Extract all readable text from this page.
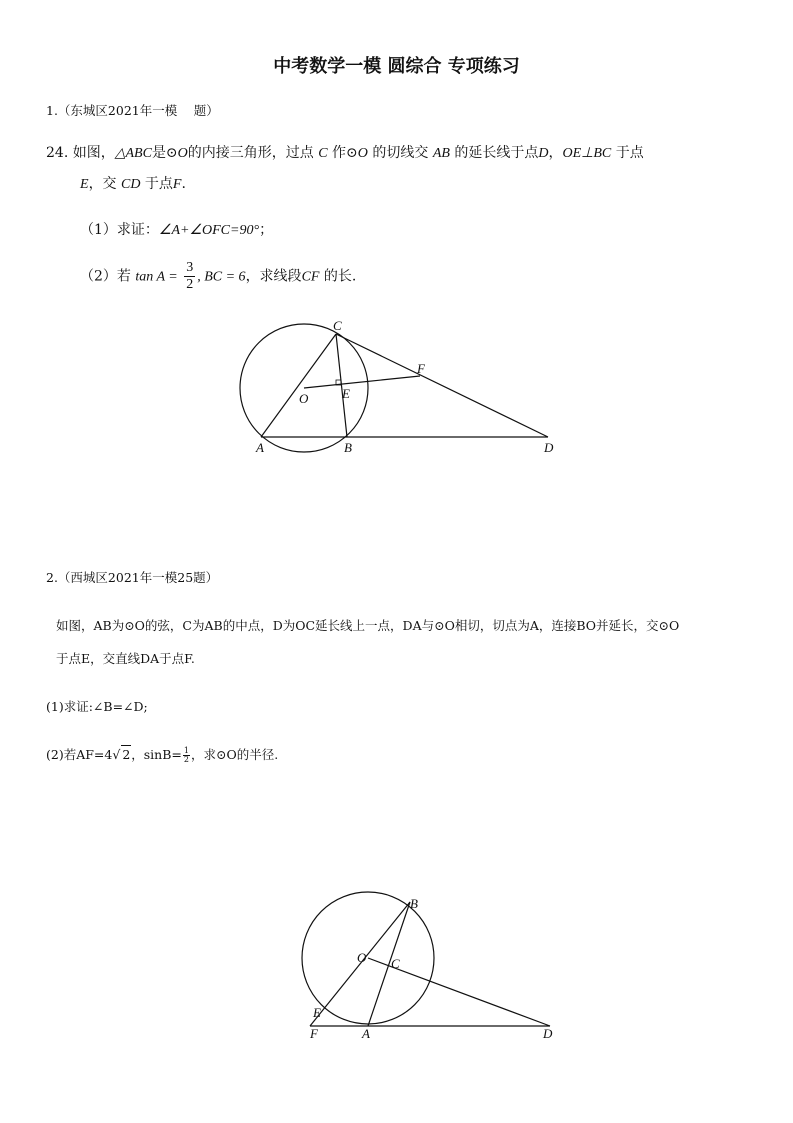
中考数学一模 圆综合 专项练习
1.（东城区2021年一模　 题）
24. 如图，△ABC是⊙O的内接三角形，过点 C 作⊙O 的切线交 AB 的延长线于点D，OE⊥BC 于点
E，交 CD 于点F.
（1）求证：∠A+∠OFC=90°；
（2）若 $\tan A = \frac{3}{2}$ , BC = 6，求线段CF 的长.
C
F
O	E
A	B	D
2.（西城区2021年一模25题）
如图，AB为⊙O的弦，C为AB的中点，D为OC延长线上一点，DA与⊙O相切，切点为A，连接BO并延长，交⊙O
于点E，交直线DA于点F.
(1)求证:∠B=∠D;
(2)若AF=4√ 2，$\sin B= \frac{1}{2}$ ，求⊙O的半径.
B
O C
E
F	A	D
